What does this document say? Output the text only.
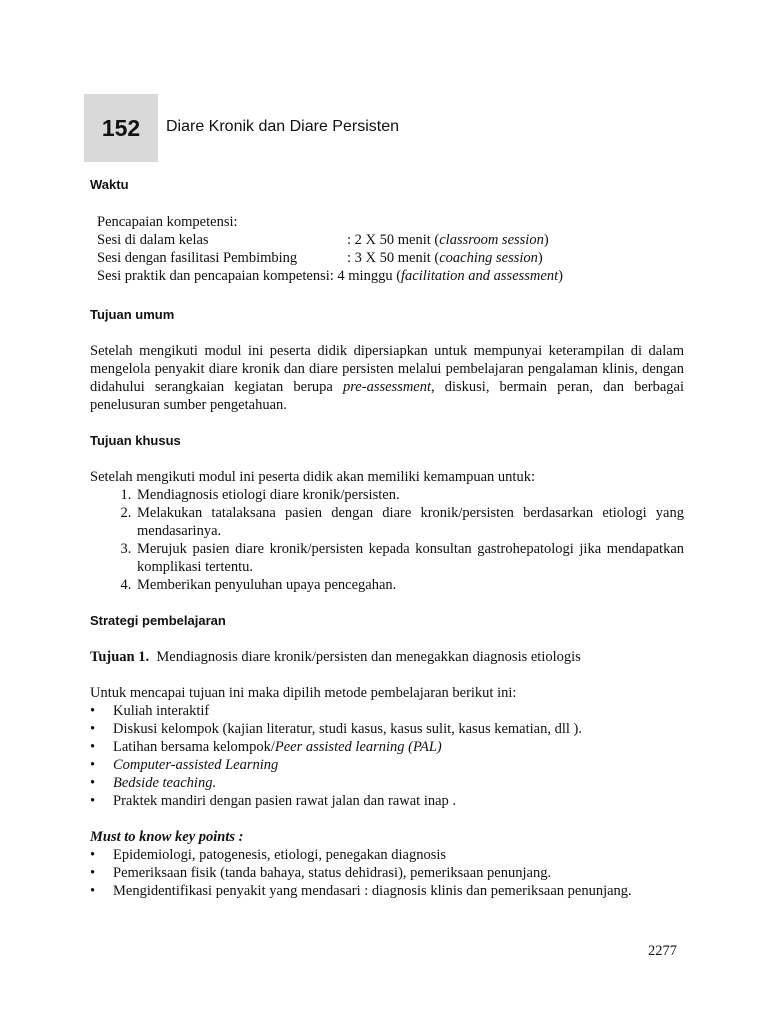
152 Diare Kronik dan Diare Persisten
Waktu

Pencapaian kompetensi:

Sesi di dalam kelas	: 2 X 50 menit (classroom session)
Sesi dengan fasilitasi Pembimbing	: 3 X 50 menit (coaching session)
Sesi praktik dan pencapaian kompetensi: 4 minggu (facilitation and assessment)
Tujuan umum

Setelah mengikuti modul ini peserta didik dipersiapkan untuk mempunyai keterampilan di dalam mengelola penyakit diare kronik dan diare persisten melalui pembelajaran pengalaman klinis, dengan didahului serangkaian kegiatan berupa pre-assessment, diskusi, bermain peran, dan berbagai penelusuran sumber pengetahuan.

Tujuan khusus

Setelah mengikuti modul ini peserta didik akan memiliki kemampuan untuk:

1. Mendiagnosis etiologi diare kronik/persisten.
2. Melakukan tatalaksana pasien dengan diare kronik/persisten berdasarkan etiologi yang mendasarinya.
3. Merujuk pasien diare kronik/persisten kepada konsultan gastrohepatologi jika mendapatkan komplikasi tertentu.
4. Memberikan penyuluhan upaya pencegahan.
Strategi pembelajaran

Tujuan 1. Mendiagnosis diare kronik/persisten dan menegakkan diagnosis etiologis

Untuk mencapai tujuan ini maka dipilih metode pembelajaran berikut ini:

• Kuliah interaktif
• Diskusi kelompok (kajian literatur, studi kasus, kasus sulit, kasus kematian, dll ).
• Latihan bersama kelompok/Peer assisted learning (PAL)
• Computer-assisted Learning
• Bedside teaching.
• Praktek mandiri dengan pasien rawat jalan dan rawat inap .

Must to know key points :

• Epidemiologi, patogenesis, etiologi, penegakan diagnosis
• Pemeriksaan fisik (tanda bahaya, status dehidrasi), pemeriksaan penunjang.
• Mengidentifikasi penyakit yang mendasari : diagnosis klinis dan pemeriksaan penunjang.
2277
